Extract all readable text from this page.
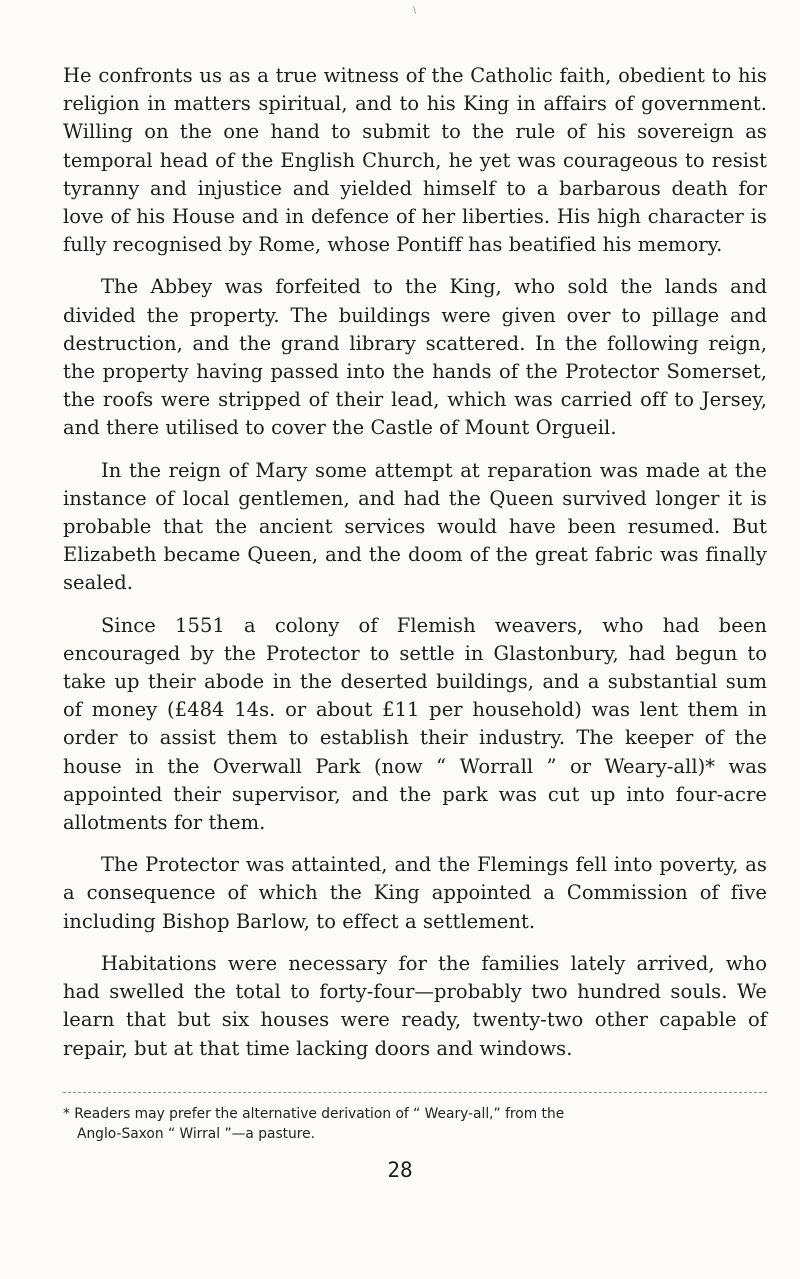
\

He confronts us as a true witness of the Catholic faith, obedient to his religion in matters spiritual, and to his King in affairs of government. Willing on the one hand to submit to the rule of his sovereign as temporal head of the English Church, he yet was courageous to resist tyranny and injustice and yielded himself to a barbarous death for love of his House and in defence of her liberties. His high character is fully recognised by Rome, whose Pontiff has beatified his memory.

The Abbey was forfeited to the King, who sold the lands and divided the property. The buildings were given over to pillage and destruction, and the grand library scattered. In the following reign, the property having passed into the hands of the Protector Somerset, the roofs were stripped of their lead, which was carried off to Jersey, and there utilised to cover the Castle of Mount Orgueil.

In the reign of Mary some attempt at reparation was made at the instance of local gentlemen, and had the Queen survived longer it is probable that the ancient services would have been resumed. But Elizabeth became Queen, and the doom of the great fabric was finally sealed.

Since 1551 a colony of Flemish weavers, who had been encouraged by the Protector to settle in Glastonbury, had begun to take up their abode in the deserted buildings, and a substantial sum of money (£484 14s. or about £11 per household) was lent them in order to assist them to establish their industry. The keeper of the house in the Overwall Park (now “ Worrall ” or Weary-all)* was appointed their supervisor, and the park was cut up into four-acre allotments for them.

The Protector was attainted, and the Flemings fell into poverty, as a consequence of which the King appointed a Commission of five including Bishop Barlow, to effect a settlement.

Habitations were necessary for the families lately arrived, who had swelled the total to forty-four—probably two hundred souls. We learn that but six houses were ready, twenty-two other capable of repair, but at that time lacking doors and windows.

* Readers may prefer the alternative derivation of “ Weary-all,” from the
Anglo-Saxon “ Wirral ”—a pasture.
28
